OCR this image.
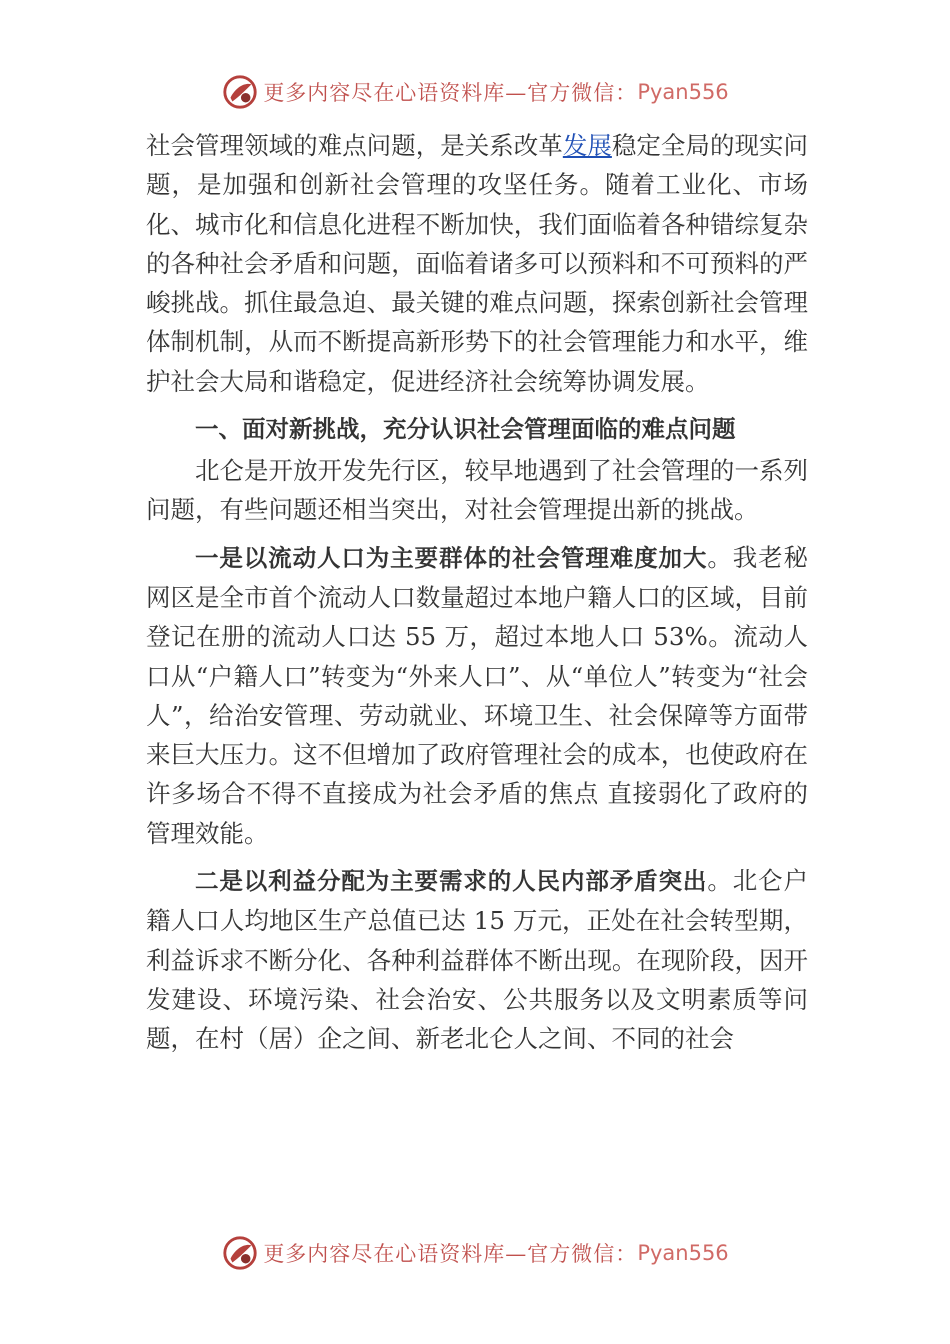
更多内容尽在心语资料库—官方微信： Pyan556

社会管理领域的难点问题，是关系改革发展稳定全局的现实问题，是加强和创新社会管理的攻坚任务。随着工业化、市场化、城市化和信息化进程不断加快，我们面临着各种错综复杂的各种社会矛盾和问题，面临着诸多可以预料和不可预料的严峻挑战。抓住最急迫、最关键的难点问题，探索创新社会管理体制机制，从而不断提高新形势下的社会管理能力和水平，维护社会大局和谐稳定，促进经济社会统筹协调发展。

一、面对新挑战，充分认识社会管理面临的难点问题

北仑是开放开发先行区，较早地遇到了社会管理的一系列问题，有些问题还相当突出，对社会管理提出新的挑战。

一是以流动人口为主要群体的社会管理难度加大。我老秘网区是全市首个流动人口数量超过本地户籍人口的区域，目前登记在册的流动人口达 55 万，超过本地人口 53%。流动人口从“户籍人口”转变为“外来人口”、从“单位人”转变为“社会人”，给治安管理、劳动就业、环境卫生、社会保障等方面带来巨大压力。这不但增加了政府管理社会的成本，也使政府在许多场合不得不直接成为社会矛盾的焦点 直接弱化了政府的管理效能。

二是以利益分配为主要需求的人民内部矛盾突出。北仑户籍人口人均地区生产总值已达 15 万元，正处在社会转型期，利益诉求不断分化、各种利益群体不断出现。在现阶段，因开发建设、环境污染、社会治安、公共服务以及文明素质等问题，在村（居）企之间、新老北仑人之间、不同的社会

更多内容尽在心语资料库—官方微信： Pyan556
